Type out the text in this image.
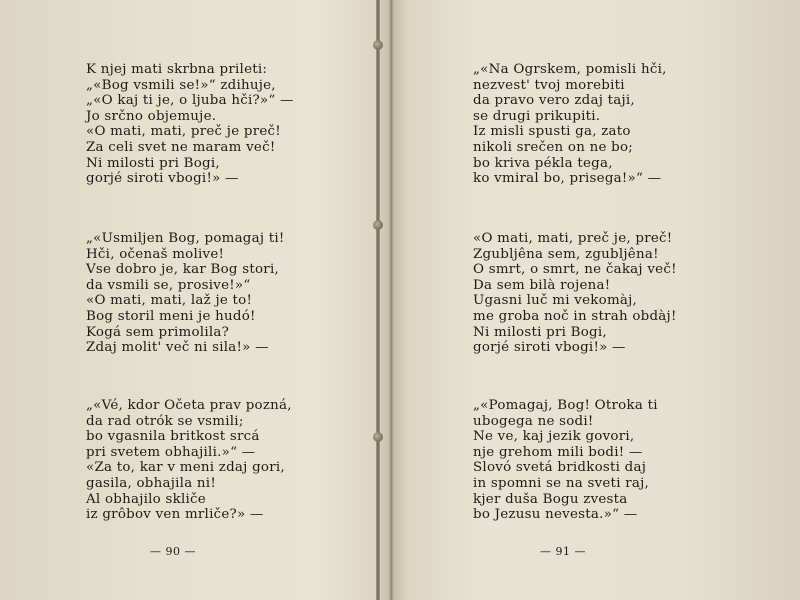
K njej mati skrbna prileti:
„«Bog vsmili se!»“ zdihuje,
„«O kaj ti je, o ljuba hči?»“ —
Jo srčno objemuje.
«O mati, mati, preč je preč!
Za celi svet ne maram več!
Ni milosti pri Bogi,
gorjé siroti vbogi!» —
„«Usmiljen Bog, pomagaj ti!
Hči, očenaš molive!
Vse dobro je, kar Bog stori,
da vsmili se, prosive!»“
«O mati, mati, laž je to!
Bog storil meni je hudó!
Kogá sem primolila?
Zdaj molit' več ni sila!» —
„«Vé, kdor Očeta prav pozná,
da rad otrók se vsmili;
bo vgasnila britkost srcá
pri svetem obhajili.»“ —
«Za to, kar v meni zdaj gori,
gasila, obhajila ni!
Al obhajilo skliče
iz grôbov ven mrliče?» —
— 90 —
„«Na Ogrskem, pomisli hči,
nezvest' tvoj morebiti
da pravo vero zdaj taji,
se drugi prikupiti.
Iz misli spusti ga, zato
nikoli srečen on ne bo;
bo kriva pékla tega,
ko vmiral bo, prisega!»“ —
«O mati, mati, preč je, preč!
Zgubljêna sem, zgubljêna!
O smrt, o smrt, ne čakaj več!
Da sem bilà rojena!
Ugasni luč mi vekomàj,
me groba noč in strah obdàj!
Ni milosti pri Bogi,
gorjé siroti vbogi!» —
„«Pomagaj, Bog! Otroka ti
ubogega ne sodi!
Ne ve, kaj jezik govori,
nje grehom mili bodi! —
Slovó svetá bridkosti daj
in spomni se na sveti raj,
kjer duša Bogu zvesta
bo Jezusu nevesta.»“ —
— 91 —
